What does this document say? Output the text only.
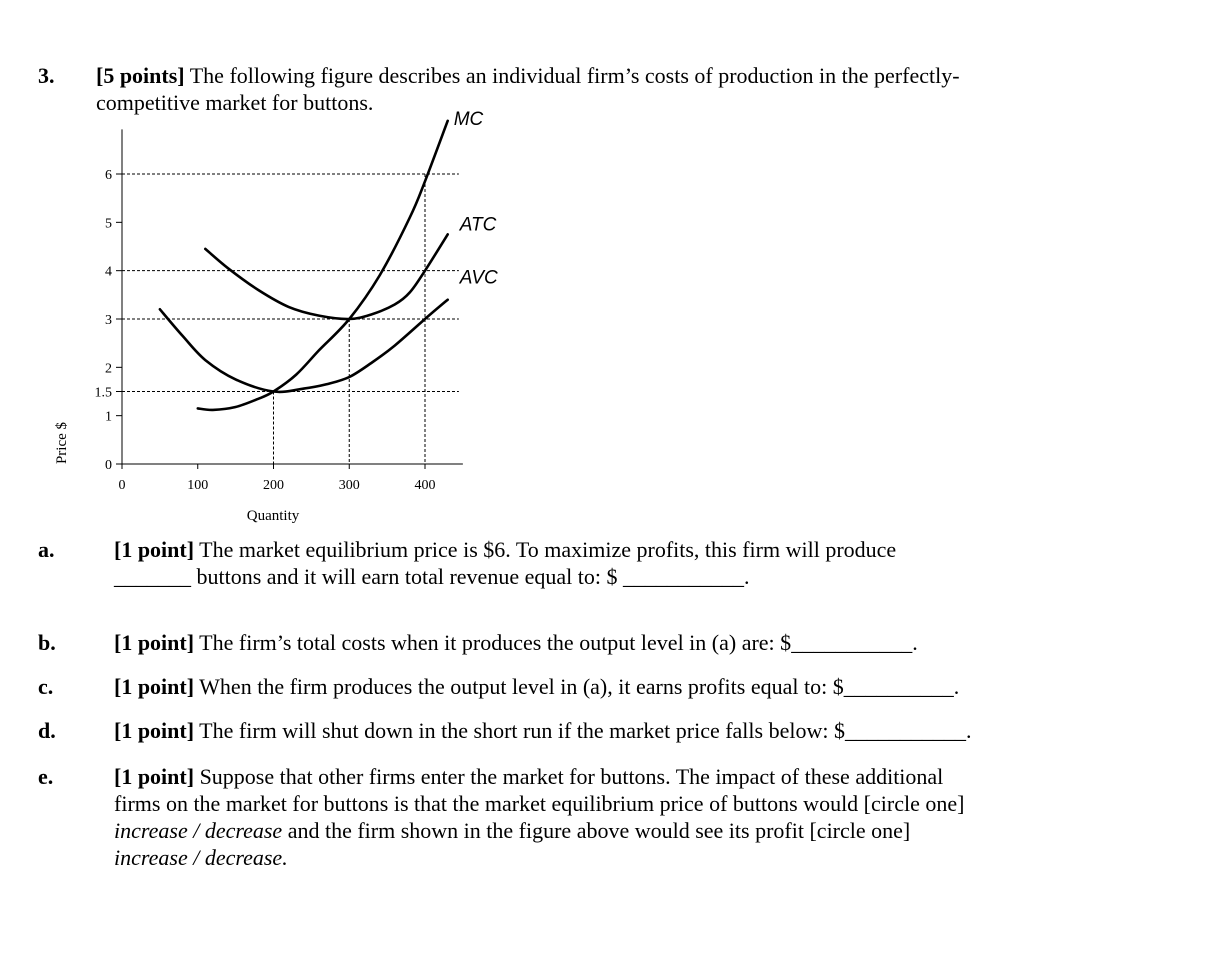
3. [5 points] The following figure describes an individual firm’s costs of production in the perfectly-
competitive market for buttons.
0
1
1.5
2
3
4
5
6
0	100	200	300	400
MC
ATC
AVC
Price $
Quantity
a.	[1 point] The market equilibrium price is $6. To maximize profits, this firm will produce
_______ buttons and it will earn total revenue equal to: $ ___________.
b.	[1 point] The firm’s total costs when it produces the output level in (a) are: $___________.
c.	[1 point] When the firm produces the output level in (a), it earns profits equal to: $__________.
d.	[1 point] The firm will shut down in the short run if the market price falls below: $___________.
e.	[1 point] Suppose that other firms enter the market for buttons. The impact of these additional
firms on the market for buttons is that the market equilibrium price of buttons would [circle one]
increase / decrease and the firm shown in the figure above would see its profit [circle one]
increase / decrease.
